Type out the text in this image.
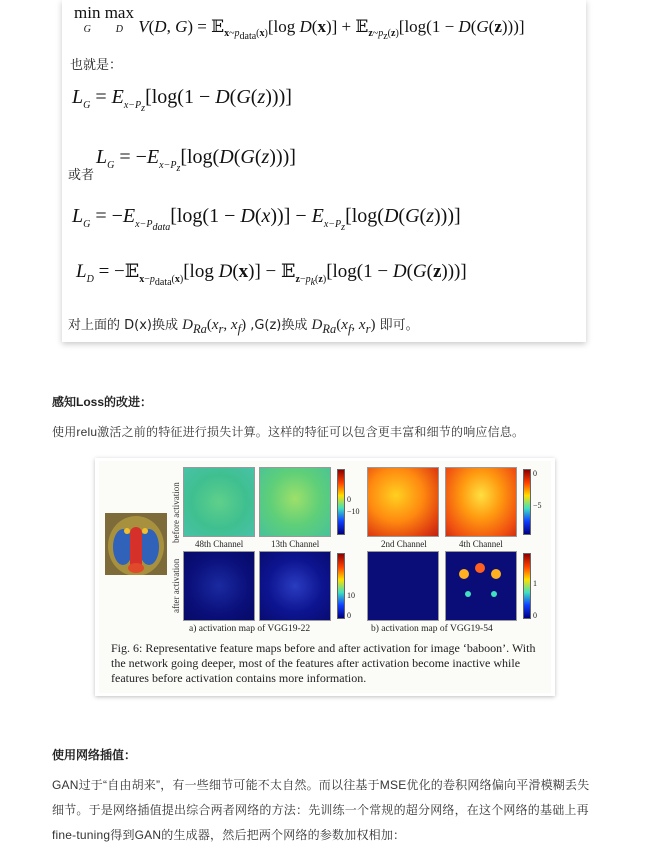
min
G max
D V(D, G) = 𝔼$_{x\sim p_{data}(x)}$[log D(x)] + 𝔼$_{z\sim p_z(z)}$[log(1 − D(G(z)))]
也就是：
$L_G = E_{x-P_z}[\log(1 - D(G(z)))]$
或者
$L_G = -E_{x-P_z}[\log(D(G(z)))]$
$L_G = -E_{x-P_{data}}[\log(1 - D(x))] - E_{x-P_z}[\log(D(G(z)))]$
$L_D$ = −𝔼$_{x-p_{data}(x)}$[log D(x)] − 𝔼$_{z-p_k(z)}$[log(1 − D(G(z)))]
对上面的 D(x)换成 $D_{Ra}(x_r$, $x_f$) ,G(z)换成 $D_{Ra}(x_f$, $x_r$) 即可。
感知Loss的改进：
使用relu激活之前的特征进行损失计算。这样的特征可以包含更丰富和细节的响应信息。
before activation
after activation
48th Channel	13th Channel
0
−10
10
0
a) activation map of VGG19-22
2nd Channel	4th Channel
0
−5
1
0
b) activation map of VGG19-54
Fig. 6: Representative feature maps before and after activation for image ‘baboon’. With the network going deeper, most of the features after activation become inactive while features before activation contains more information.
使用网络插值：
GAN过于“自由胡来”，有一些细节可能不太自然。而以往基于MSE优化的卷积网络偏向平滑模糊丢失
细节。于是网络插值提出综合两者网络的方法：先训练一个常规的超分网络，在这个网络的基础上再
fine-tuning得到GAN的生成器，然后把两个网络的参数加权相加：
